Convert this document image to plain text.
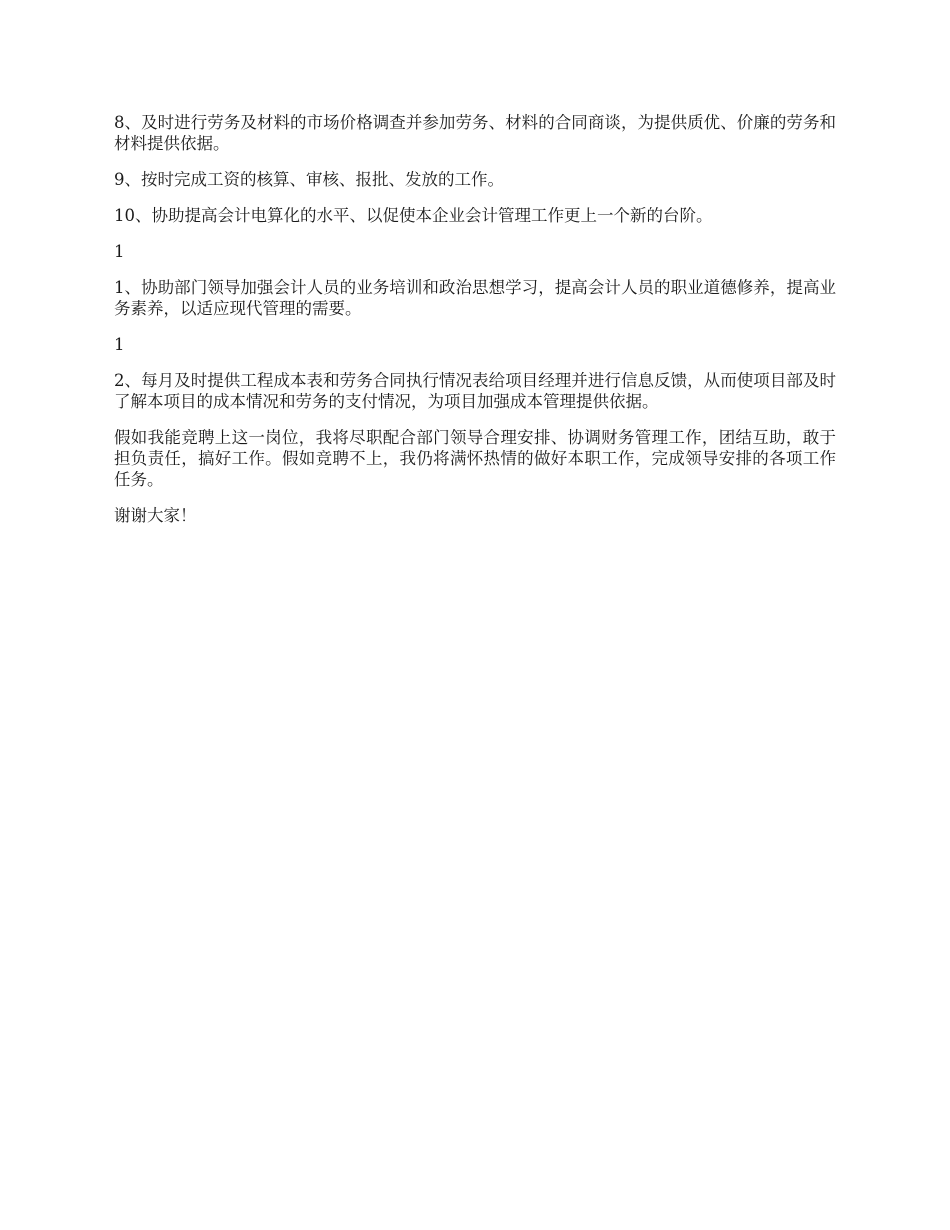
8、及时进行劳务及材料的市场价格调查并参加劳务、材料的合同商谈，为提供质优、价廉的劳务和材料提供依据。

9、按时完成工资的核算、审核、报批、发放的工作。

10、协助提高会计电算化的水平、以促使本企业会计管理工作更上一个新的台阶。

1

1、协助部门领导加强会计人员的业务培训和政治思想学习，提高会计人员的职业道德修养，提高业务素养，以适应现代管理的需要。

1

2、每月及时提供工程成本表和劳务合同执行情况表给项目经理并进行信息反馈，从而使项目部及时了解本项目的成本情况和劳务的支付情况，为项目加强成本管理提供依据。

假如我能竞聘上这一岗位，我将尽职配合部门领导合理安排、协调财务管理工作，团结互助，敢于担负责任，搞好工作。假如竞聘不上，我仍将满怀热情的做好本职工作，完成领导安排的各项工作任务。

谢谢大家！
